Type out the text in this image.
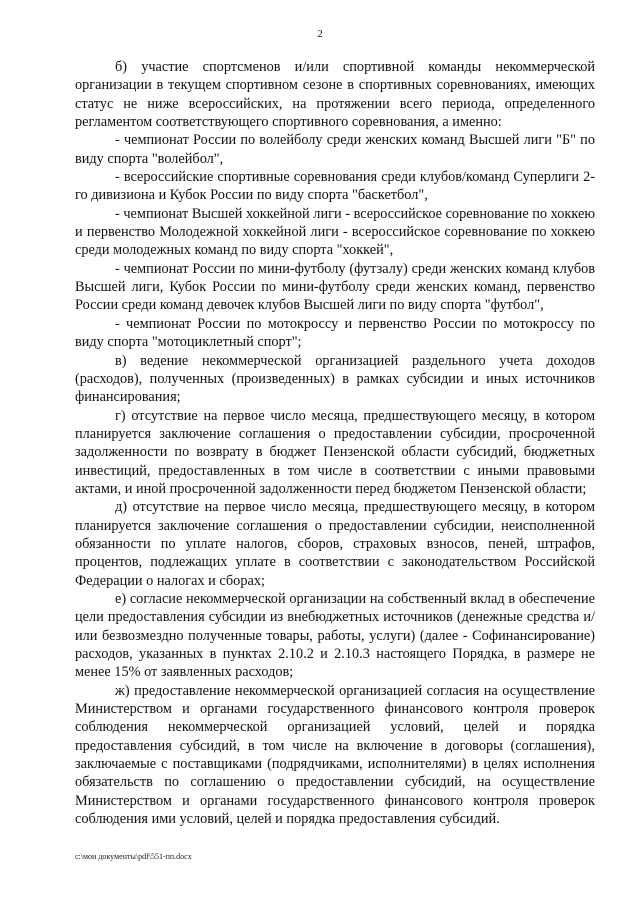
2

б) участие спортсменов и/или спортивной команды некоммерческой организации в текущем спортивном сезоне в спортивных соревнованиях, имеющих статус не ниже всероссийских, на протяжении всего периода, определенного регламентом соответствующего спортивного соревнования, а именно:

- чемпионат России по волейболу среди женских команд Высшей лиги "Б" по виду спорта "волейбол",

- всероссийские спортивные соревнования среди клубов/команд Суперлиги 2-го дивизиона и Кубок России по виду спорта "баскетбол",

- чемпионат Высшей хоккейной лиги - всероссийское соревнование по хоккею и первенство Молодежной хоккейной лиги - всероссийское соревнование по хоккею среди молодежных команд по виду спорта "хоккей",

- чемпионат России по мини-футболу (футзалу) среди женских команд клубов Высшей лиги, Кубок России по мини-футболу среди женских команд, первенство России среди команд девочек клубов Высшей лиги по виду спорта "футбол",

- чемпионат России по мотокроссу и первенство России по мотокроссу по виду спорта "мотоциклетный спорт";

в) ведение некоммерческой организацией раздельного учета доходов (расходов), полученных (произведенных) в рамках субсидии и иных источников финансирования;

г) отсутствие на первое число месяца, предшествующего месяцу, в котором планируется заключение соглашения о предоставлении субсидии, просроченной задолженности по возврату в бюджет Пензенской области субсидий, бюджетных инвестиций, предоставленных в том числе в соответствии с иными правовыми актами, и иной просроченной задолженности перед бюджетом Пензенской области;

д) отсутствие на первое число месяца, предшествующего месяцу, в котором планируется заключение соглашения о предоставлении субсидии, неисполненной обязанности по уплате налогов, сборов, страховых взносов, пеней, штрафов, процентов, подлежащих уплате в соответствии с законодательством Российской Федерации о налогах и сборах;

е) согласие некоммерческой организации на собственный вклад в обеспечение цели предоставления субсидии из внебюджетных источников (денежные средства и/или безвозмездно полученные товары, работы, услуги) (далее - Софинансирование) расходов, указанных в пунктах 2.10.2 и 2.10.3 настоящего Порядка, в размере не менее 15% от заявленных расходов;

ж) предоставление некоммерческой организацией согласия на осуществление Министерством и органами государственного финансового контроля проверок соблюдения некоммерческой организацией условий, целей и порядка предоставления субсидий, в том числе на включение в договоры (соглашения), заключаемые с поставщиками (подрядчиками, исполнителями) в целях исполнения обязательств по соглашению о предоставлении субсидий, на осуществление Министерством и органами государственного финансового контроля проверок соблюдения ими условий, целей и порядка предоставления субсидий.

c:\мои документы\pdf\551-пп.docx
